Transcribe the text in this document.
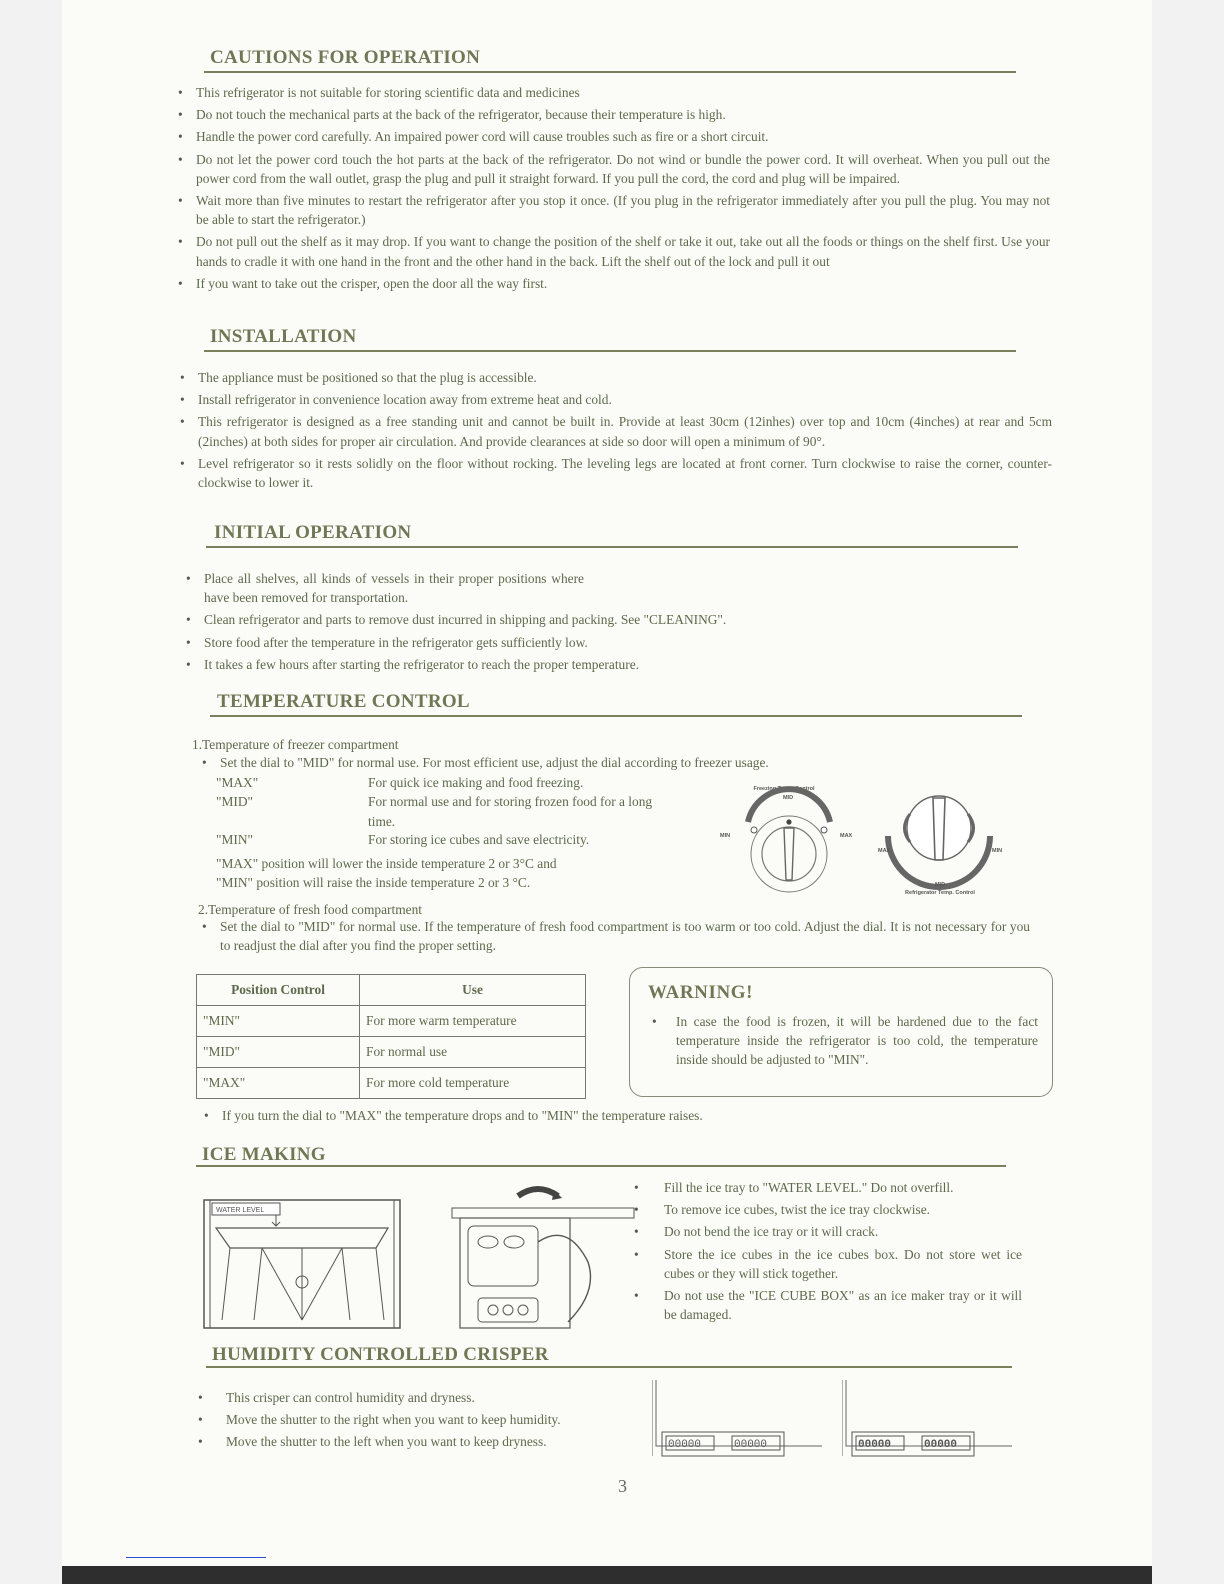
CAUTIONS FOR OPERATION
• This refrigerator is not suitable for storing scientific data and medicines
• Do not touch the mechanical parts at the back of the refrigerator, because their temperature is high.
• Handle the power cord carefully. An impaired power cord will cause troubles such as fire or a short circuit.
• Do not let the power cord touch the hot parts at the back of the refrigerator. Do not wind or bundle the power cord. It will overheat. When you pull out the power cord from the wall outlet, grasp the plug and pull it straight forward. If you pull the cord, the cord and plug will be impaired.
• Wait more than five minutes to restart the refrigerator after you stop it once. (If you plug in the refrigerator immediately after you pull the plug. You may not be able to start the refrigerator.)
• Do not pull out the shelf as it may drop. If you want to change the position of the shelf or take it out, take out all the foods or things on the shelf first. Use your hands to cradle it with one hand in the front and the other hand in the back. Lift the shelf out of the lock and pull it out
• If you want to take out the crisper, open the door all the way first.
INSTALLATION
• The appliance must be positioned so that the plug is accessible.
• Install refrigerator in convenience location away from extreme heat and cold.
• This refrigerator is designed as a free standing unit and cannot be built in. Provide at least 30cm (12inhes) over top and 10cm (4inches) at rear and 5cm (2inches) at both sides for proper air circulation. And provide clearances at side so door will open a minimum of 90°.
• Level refrigerator so it rests solidly on the floor without rocking. The leveling legs are located at front corner. Turn clockwise to raise the corner, counter-clockwise to lower it.
INITIAL OPERATION
• Place all shelves, all kinds of vessels in their proper positions where have been removed for transportation.
• Clean refrigerator and parts to remove dust incurred in shipping and packing. See "CLEANING".
• Store food after the temperature in the refrigerator gets sufficiently low.
• It takes a few hours after starting the refrigerator to reach the proper temperature.
TEMPERATURE CONTROL

1.Temperature of freezer compartment

• Set the dial to "MID" for normal use. For most efficient use, adjust the dial according to freezer usage.

"MAX"	For quick ice making and food freezing.

"MID"	For normal use and for storing frozen food for a long time.

"MIN"	For storing ice cubes and save electricity.

"MAX" position will lower the inside temperature 2 or 3°C and

"MIN" position will raise the inside temperature 2 or 3 °C.

Freezing Temp. Control
MID
MIN	MAX
MAX	MIN
MID
Refrigerator Temp. Control

2.Temperature of fresh food compartment

• Set the dial to "MID" for normal use. If the temperature of fresh food compartment is too warm or too cold. Adjust the dial. It is not necessary for you to readjust the dial after you find the proper setting.
Position Control	Use
"MIN"	For more warm temperature
"MID"	For normal use
"MAX"	For more cold temperature
WARNING!
• In case the food is frozen, it will be hardened due to the fact temperature inside the refrigerator is too cold, the temperature inside should be adjusted to "MIN".
• If you turn the dial to "MAX" the temperature drops and to "MIN" the temperature raises.
ICE MAKING
WATER LEVEL
• Fill the ice tray to "WATER LEVEL." Do not overfill.
• To remove ice cubes, twist the ice tray clockwise.
• Do not bend the ice tray or it will crack.
• Store the ice cubes in the ice cubes box. Do not store wet ice cubes or they will stick together.
• Do not use the "ICE CUBE BOX" as an ice maker tray or it will be damaged.
HUMIDITY CONTROLLED CRISPER
• This crisper can control humidity and dryness.
• Move the shutter to the right when you want to keep humidity.
• Move the shutter to the left when you want to keep dryness.	00000	00000	00000	00000
3
